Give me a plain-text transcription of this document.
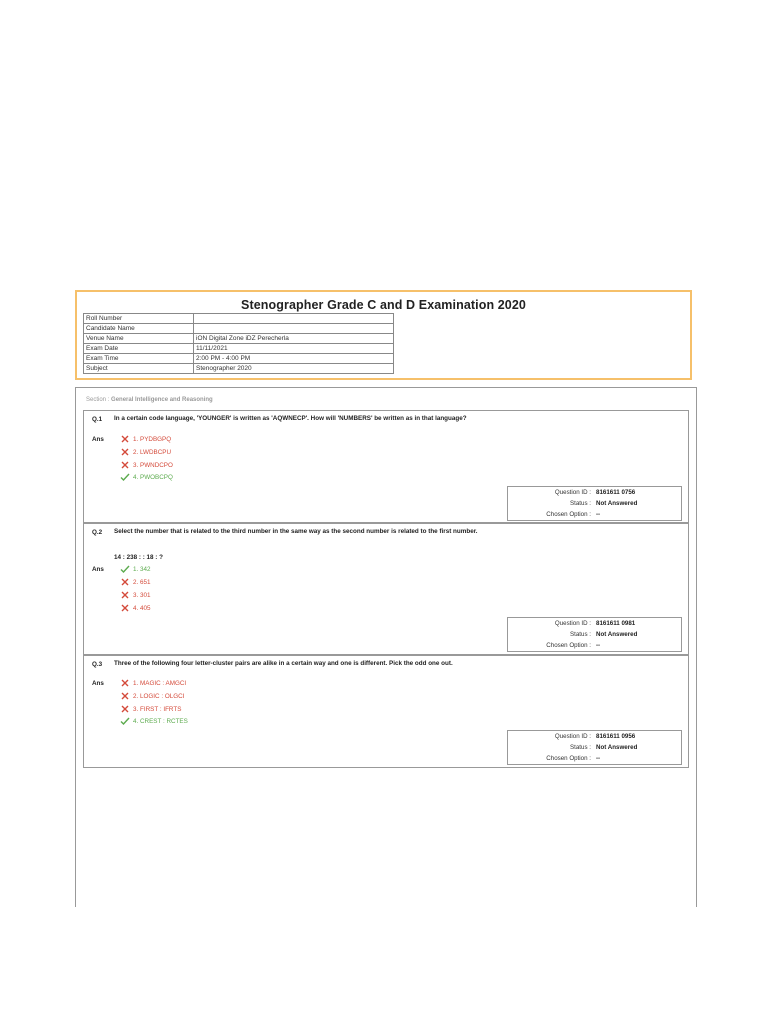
Stenographer Grade C and D Examination 2020
Roll Number	
Candidate Name	
Venue Name	iON Digital Zone iDZ Perecherla
Exam Date	11/11/2021
Exam Time	2:00 PM - 4:00 PM
Subject	Stenographer 2020
Section : General Intelligence and Reasoning
Q.1 In a certain code language, 'YOUNGER' is written as 'AQWNECP'. How will 'NUMBERS' be written as in that language?
Ans	1. PYDBGPQ
2. LWDBCPU
3. PWNDCPO
4. PWOBCPQ
Question ID : 8161611 0756
Status : Not Answered
Chosen Option : --
Q.2 Select the number that is related to the third number in the same way as the second number is related to the first number.
14 : 238 : : 18 : ?
Ans	1. 342
2. 651
3. 301
4. 405
Question ID : 8161611 0981
Status : Not Answered
Chosen Option : --
Q.3 Three of the following four letter-cluster pairs are alike in a certain way and one is different. Pick the odd one out.
Ans	1. MAGIC : AMGCI
2. LOGIC : OLGCI
3. FIRST : IFRTS
4. CREST : RCTES
Question ID : 8161611 0956
Status : Not Answered
Chosen Option : --
